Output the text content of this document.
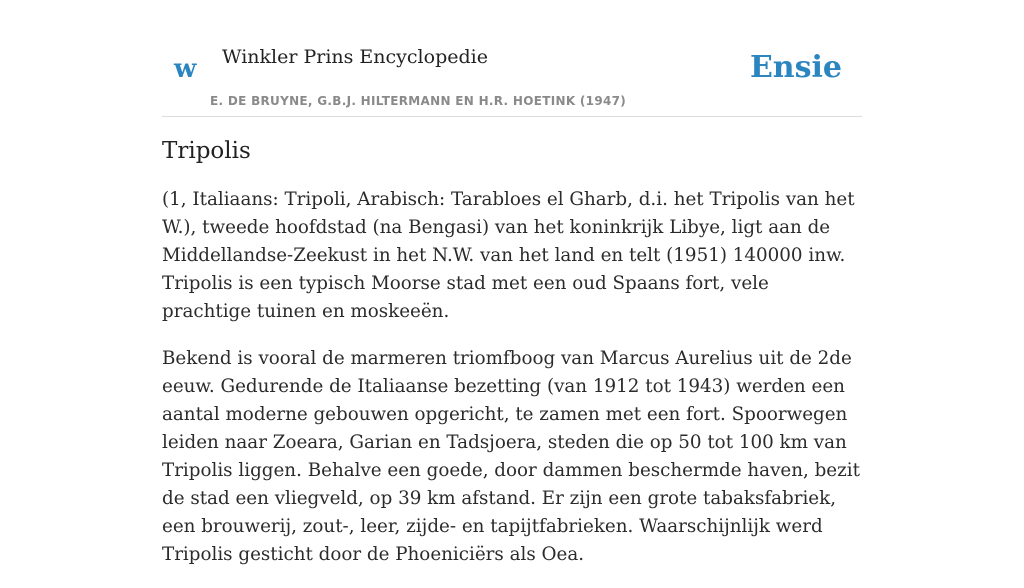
w Winkler Prins Encyclopedie	Ensie
E. DE BRUYNE, G.B.J. HILTERMANN EN H.R. HOETINK (1947)
Tripolis

(1, Italiaans: Tripoli, Arabisch: Tarabloes el Gharb, d.i. het Tripolis van het W.), tweede hoofdstad (na Bengasi) van het koninkrijk Libye, ligt aan de Middellandse-Zeekust in het N.W. van het land en telt (1951) 140000 inw. Tripolis is een typisch Moorse stad met een oud Spaans fort, vele prachtige tuinen en moskeeën.

Bekend is vooral de marmeren triomfboog van Marcus Aurelius uit de 2de eeuw. Gedurende de Italiaanse bezetting (van 1912 tot 1943) werden een aantal moderne gebouwen opgericht, te zamen met een fort. Spoorwegen leiden naar Zoeara, Garian en Tadsjoera, steden die op 50 tot 100 km van Tripolis liggen. Behalve een goede, door dammen beschermde haven, bezit de stad een vliegveld, op 39 km afstand. Er zijn een grote tabaksfabriek, een brouwerij, zout-, leer, zijde- en tapijtfabrieken. Waarschijnlijk werd Tripolis gesticht door de Phoeniciërs als Oea.
